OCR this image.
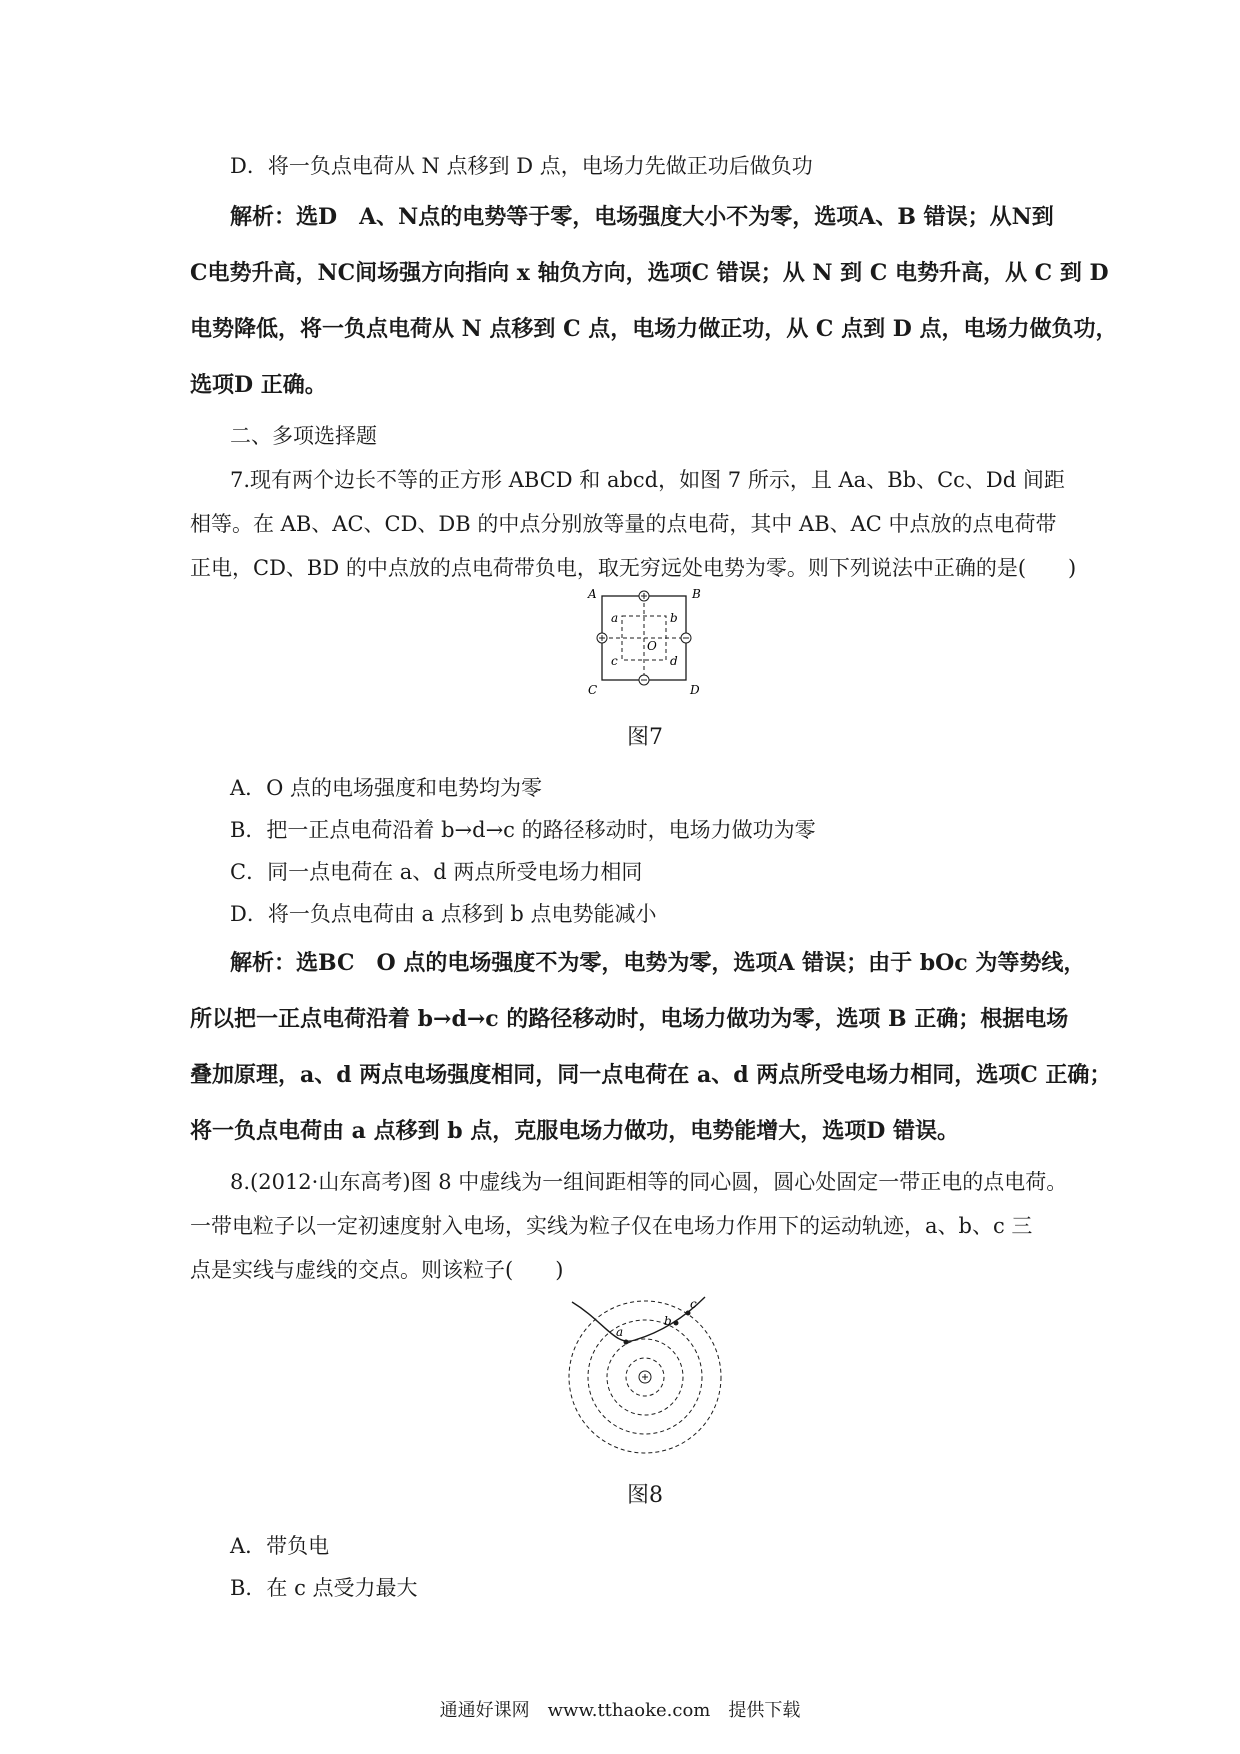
D．将一负点电荷从 N 点移到 D 点，电场力先做正功后做负功
解析：选D　A、N点的电势等于零，电场强度大小不为零，选项A、B 错误；从N到
C电势升高，NC间场强方向指向 x 轴负方向，选项C 错误；从 N 到 C 电势升高，从 C 到 D
电势降低，将一负点电荷从 N 点移到 C 点，电场力做正功，从 C 点到 D 点，电场力做负功，
选项D 正确。
二、多项选择题
7.现有两个边长不等的正方形 ABCD 和 abcd，如图 7 所示，且 Aa、Bb、Cc、Dd 间距
相等。在 AB、AC、CD、DB 的中点分别放等量的点电荷，其中 AB、AC 中点放的点电荷带
正电，CD、BD 的中点放的点电荷带负电，取无穷远处电势为零。则下列说法中正确的是(　　)
A	B
C	D
a	b
c	d
O
图7
A．O 点的电场强度和电势均为零
B．把一正点电荷沿着 b→d→c 的路径移动时，电场力做功为零
C．同一点电荷在 a、d 两点所受电场力相同
D．将一负点电荷由 a 点移到 b 点电势能减小
解析：选BC　O 点的电场强度不为零，电势为零，选项A 错误；由于 bOc 为等势线，
所以把一正点电荷沿着 b→d→c 的路径移动时，电场力做功为零，选项 B 正确；根据电场
叠加原理，a、d 两点电场强度相同，同一点电荷在 a、d 两点所受电场力相同，选项C 正确；
将一负点电荷由 a 点移到 b 点，克服电场力做功，电势能增大，选项D 错误。
8.(2012·山东高考)图 8 中虚线为一组间距相等的同心圆，圆心处固定一带正电的点电荷。
一带电粒子以一定初速度射入电场，实线为粒子仅在电场力作用下的运动轨迹，a、b、c 三
点是实线与虚线的交点。则该粒子(　　)
a
b
c
图8
A．带负电
B．在 c 点受力最大
通通好课网　www.tthaoke.com　提供下载
